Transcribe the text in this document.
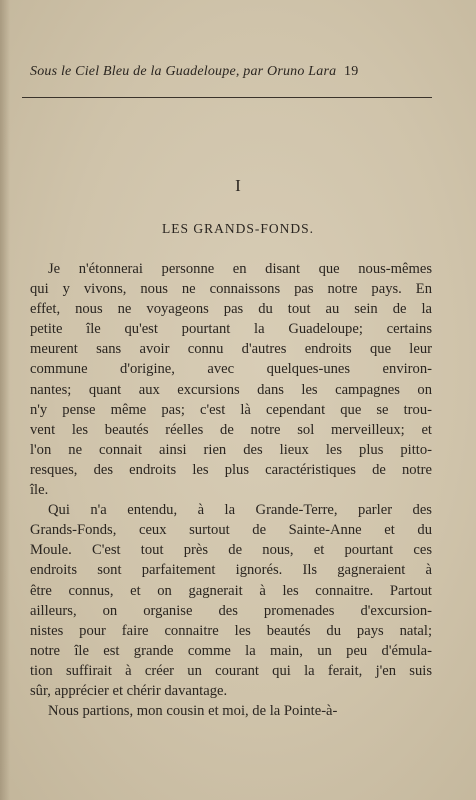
Sous le Ciel Bleu de la Guadeloupe, par Oruno Lara 19
I
LES GRANDS-FONDS.
Je n'étonnerai personne en disant que nous-mêmes
qui y vivons, nous ne connaissons pas notre pays. En
effet, nous ne voyageons pas du tout au sein de la
petite île qu'est pourtant la Guadeloupe; certains
meurent sans avoir connu d'autres endroits que leur
commune d'origine, avec quelques-unes environ-
nantes; quant aux excursions dans les campagnes on
n'y pense même pas; c'est là cependant que se trou-
vent les beautés réelles de notre sol merveilleux; et
l'on ne connait ainsi rien des lieux les plus pitto-
resques, des endroits les plus caractéristiques de notre
île.
Qui n'a entendu, à la Grande-Terre, parler des
Grands-Fonds, ceux surtout de Sainte-Anne et du
Moule. C'est tout près de nous, et pourtant ces
endroits sont parfaitement ignorés. Ils gagneraient à
être connus, et on gagnerait à les connaitre. Partout
ailleurs, on organise des promenades d'excursion-
nistes pour faire connaitre les beautés du pays natal;
notre île est grande comme la main, un peu d'émula-
tion suffirait à créer un courant qui la ferait, j'en suis
sûr, apprécier et chérir davantage.
Nous partions, mon cousin et moi, de la Pointe-à-
